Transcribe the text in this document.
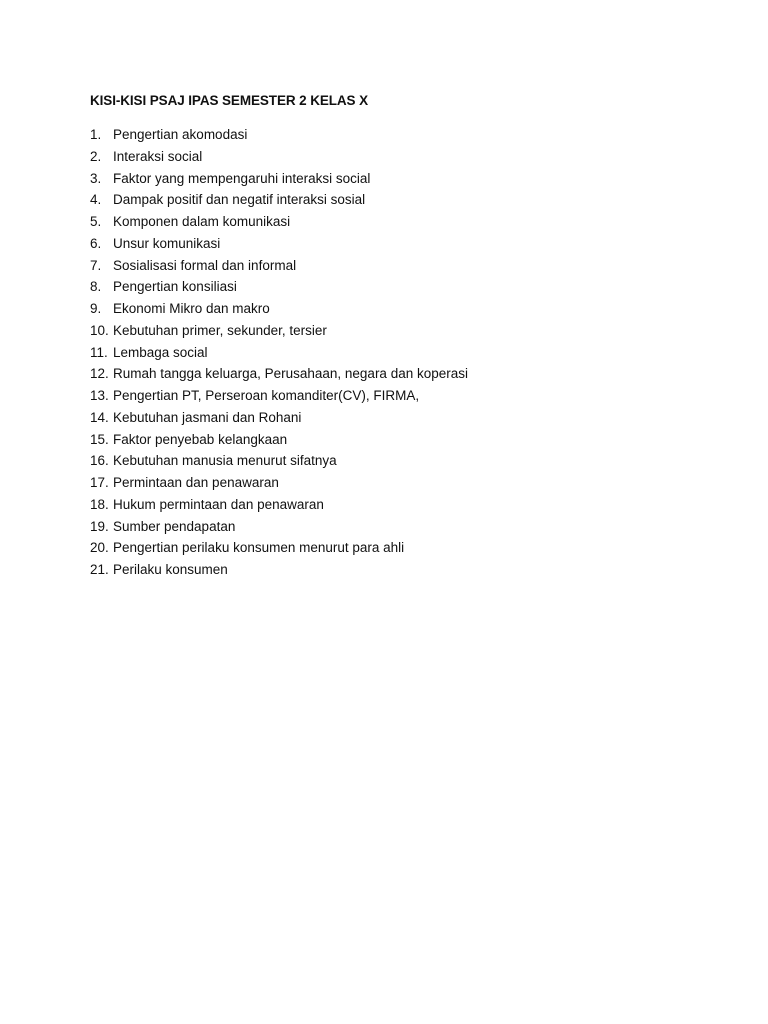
KISI-KISI PSAJ IPAS SEMESTER 2 KELAS X
1. Pengertian akomodasi
2. Interaksi social
3. Faktor yang mempengaruhi interaksi social
4. Dampak positif dan negatif interaksi sosial
5. Komponen dalam komunikasi
6. Unsur komunikasi
7. Sosialisasi formal dan informal
8. Pengertian konsiliasi
9. Ekonomi Mikro dan makro
10. Kebutuhan primer, sekunder, tersier
11. Lembaga social
12. Rumah tangga keluarga, Perusahaan, negara dan koperasi
13. Pengertian PT, Perseroan komanditer(CV), FIRMA,
14. Kebutuhan jasmani dan Rohani
15. Faktor penyebab kelangkaan
16. Kebutuhan manusia menurut sifatnya
17. Permintaan dan penawaran
18. Hukum permintaan dan penawaran
19. Sumber pendapatan
20. Pengertian perilaku konsumen menurut para ahli
21. Perilaku konsumen
